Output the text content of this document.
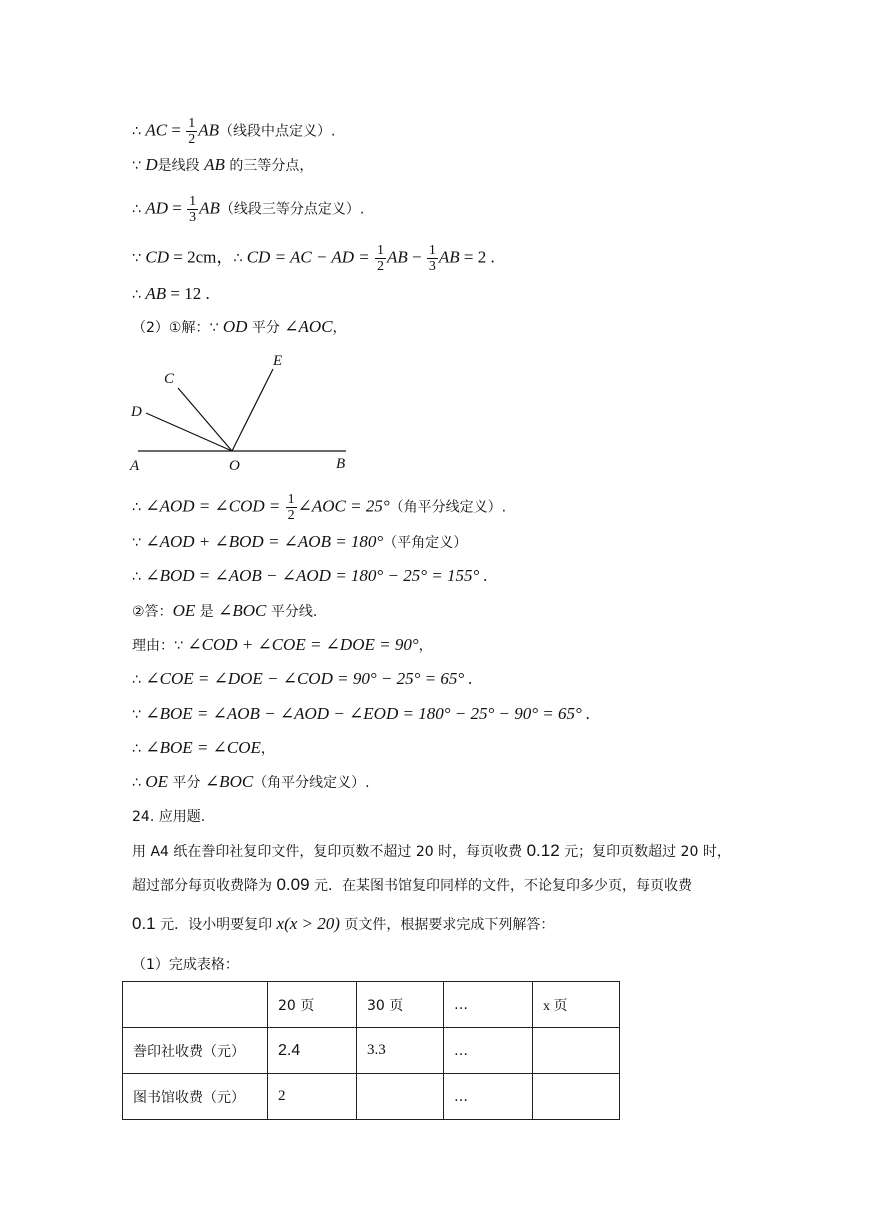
∴ AC = $\frac{1}{2} AB$（线段中点定义）.
∵ D是线段 AB 的三等分点，
∴ AD = $\frac{1}{3} AB$（线段三等分点定义）.
∵ CD = 2cm，∴ CD = AC − AD = $\frac{1}{2}$ AB − $\frac{1}{3}$ AB = 2 .
∴ AB = 12 .
（2）①解：∵ OD 平分 ∠AOC，
A	O	B
C
D
E
∴ ∠AOD = ∠COD = $\frac{1}{2}$ ∠AOC = 25°（角平分线定义）.
∵ ∠AOD + ∠BOD = ∠AOB = 180°（平角定义）
∴ ∠BOD = ∠AOB − ∠AOD = 180° − 25° = 155° .
②答：OE 是 ∠BOC 平分线.
理由：∵ ∠COD + ∠COE = ∠DOE = 90°，
∴ ∠COE = ∠DOE − ∠COD = 90° − 25° = 65° .
∵ ∠BOE = ∠AOB − ∠AOD − ∠EOD = 180° − 25° − 90° = 65° .
∴ ∠BOE = ∠COE，
∴ OE 平分 ∠BOC（角平分线定义）.
24. 应用题.
用 A4 纸在誊印社复印文件，复印页数不超过 20 时，每页收费 0.12 元；复印页数超过 20 时，
超过部分每页收费降为 0.09 元．在某图书馆复印同样的文件，不论复印多少页，每页收费
0.1 元．设小明要复印 x(x > 20) 页文件，根据要求完成下列解答：
（1）完成表格：
	20 页	30 页	…	x 页
誊印社收费（元）	2.4	3.3	…	
图书馆收费（元）	2		…	
